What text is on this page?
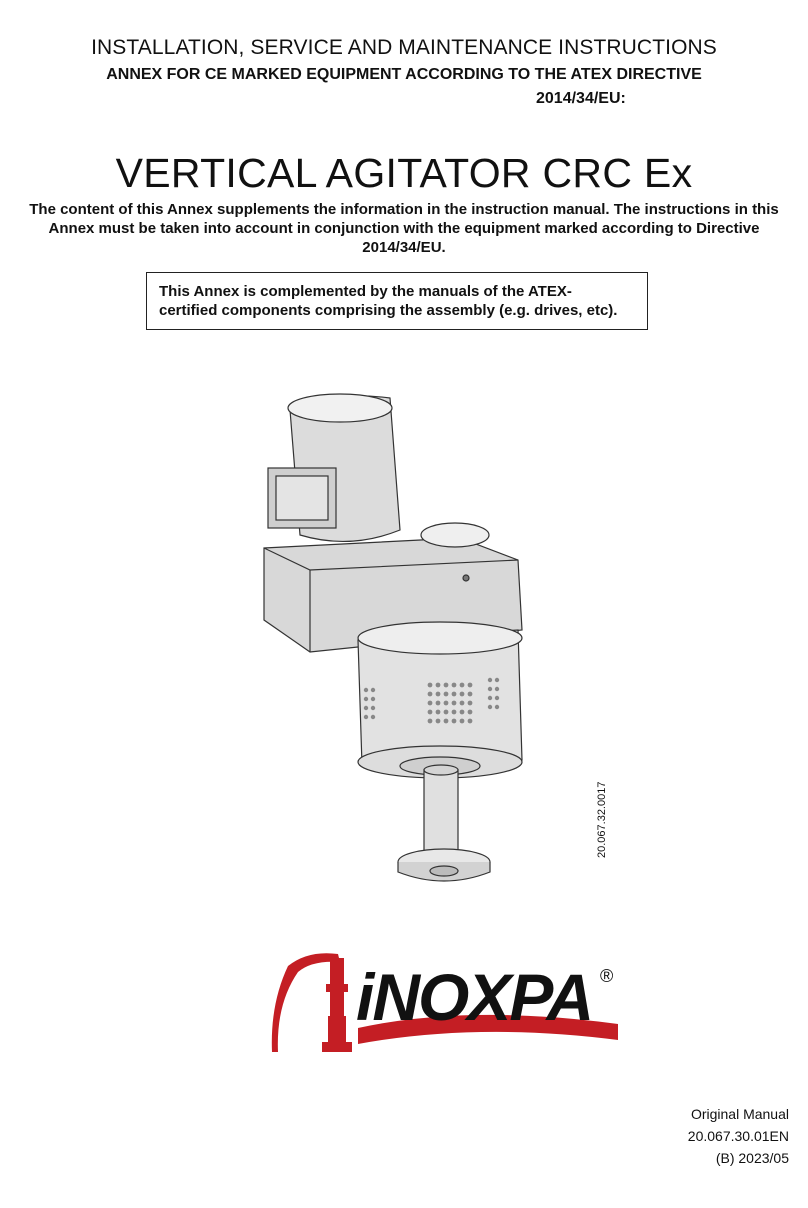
INSTALLATION, SERVICE AND MAINTENANCE INSTRUCTIONS
ANNEX FOR CE MARKED EQUIPMENT ACCORDING TO THE ATEX DIRECTIVE
2014/34/EU:
VERTICAL AGITATOR CRC Ex
The content of this Annex supplements the information in the instruction manual. The instructions in this Annex must be taken into account in conjunction with the equipment marked according to Directive 2014/34/EU.
This Annex is complemented by the manuals of the ATEX-
certified components comprising the assembly (e.g. drives, etc).
20.067.32.0017
iNOXPA ®
Original Manual
20.067.30.01EN
(B) 2023/05
